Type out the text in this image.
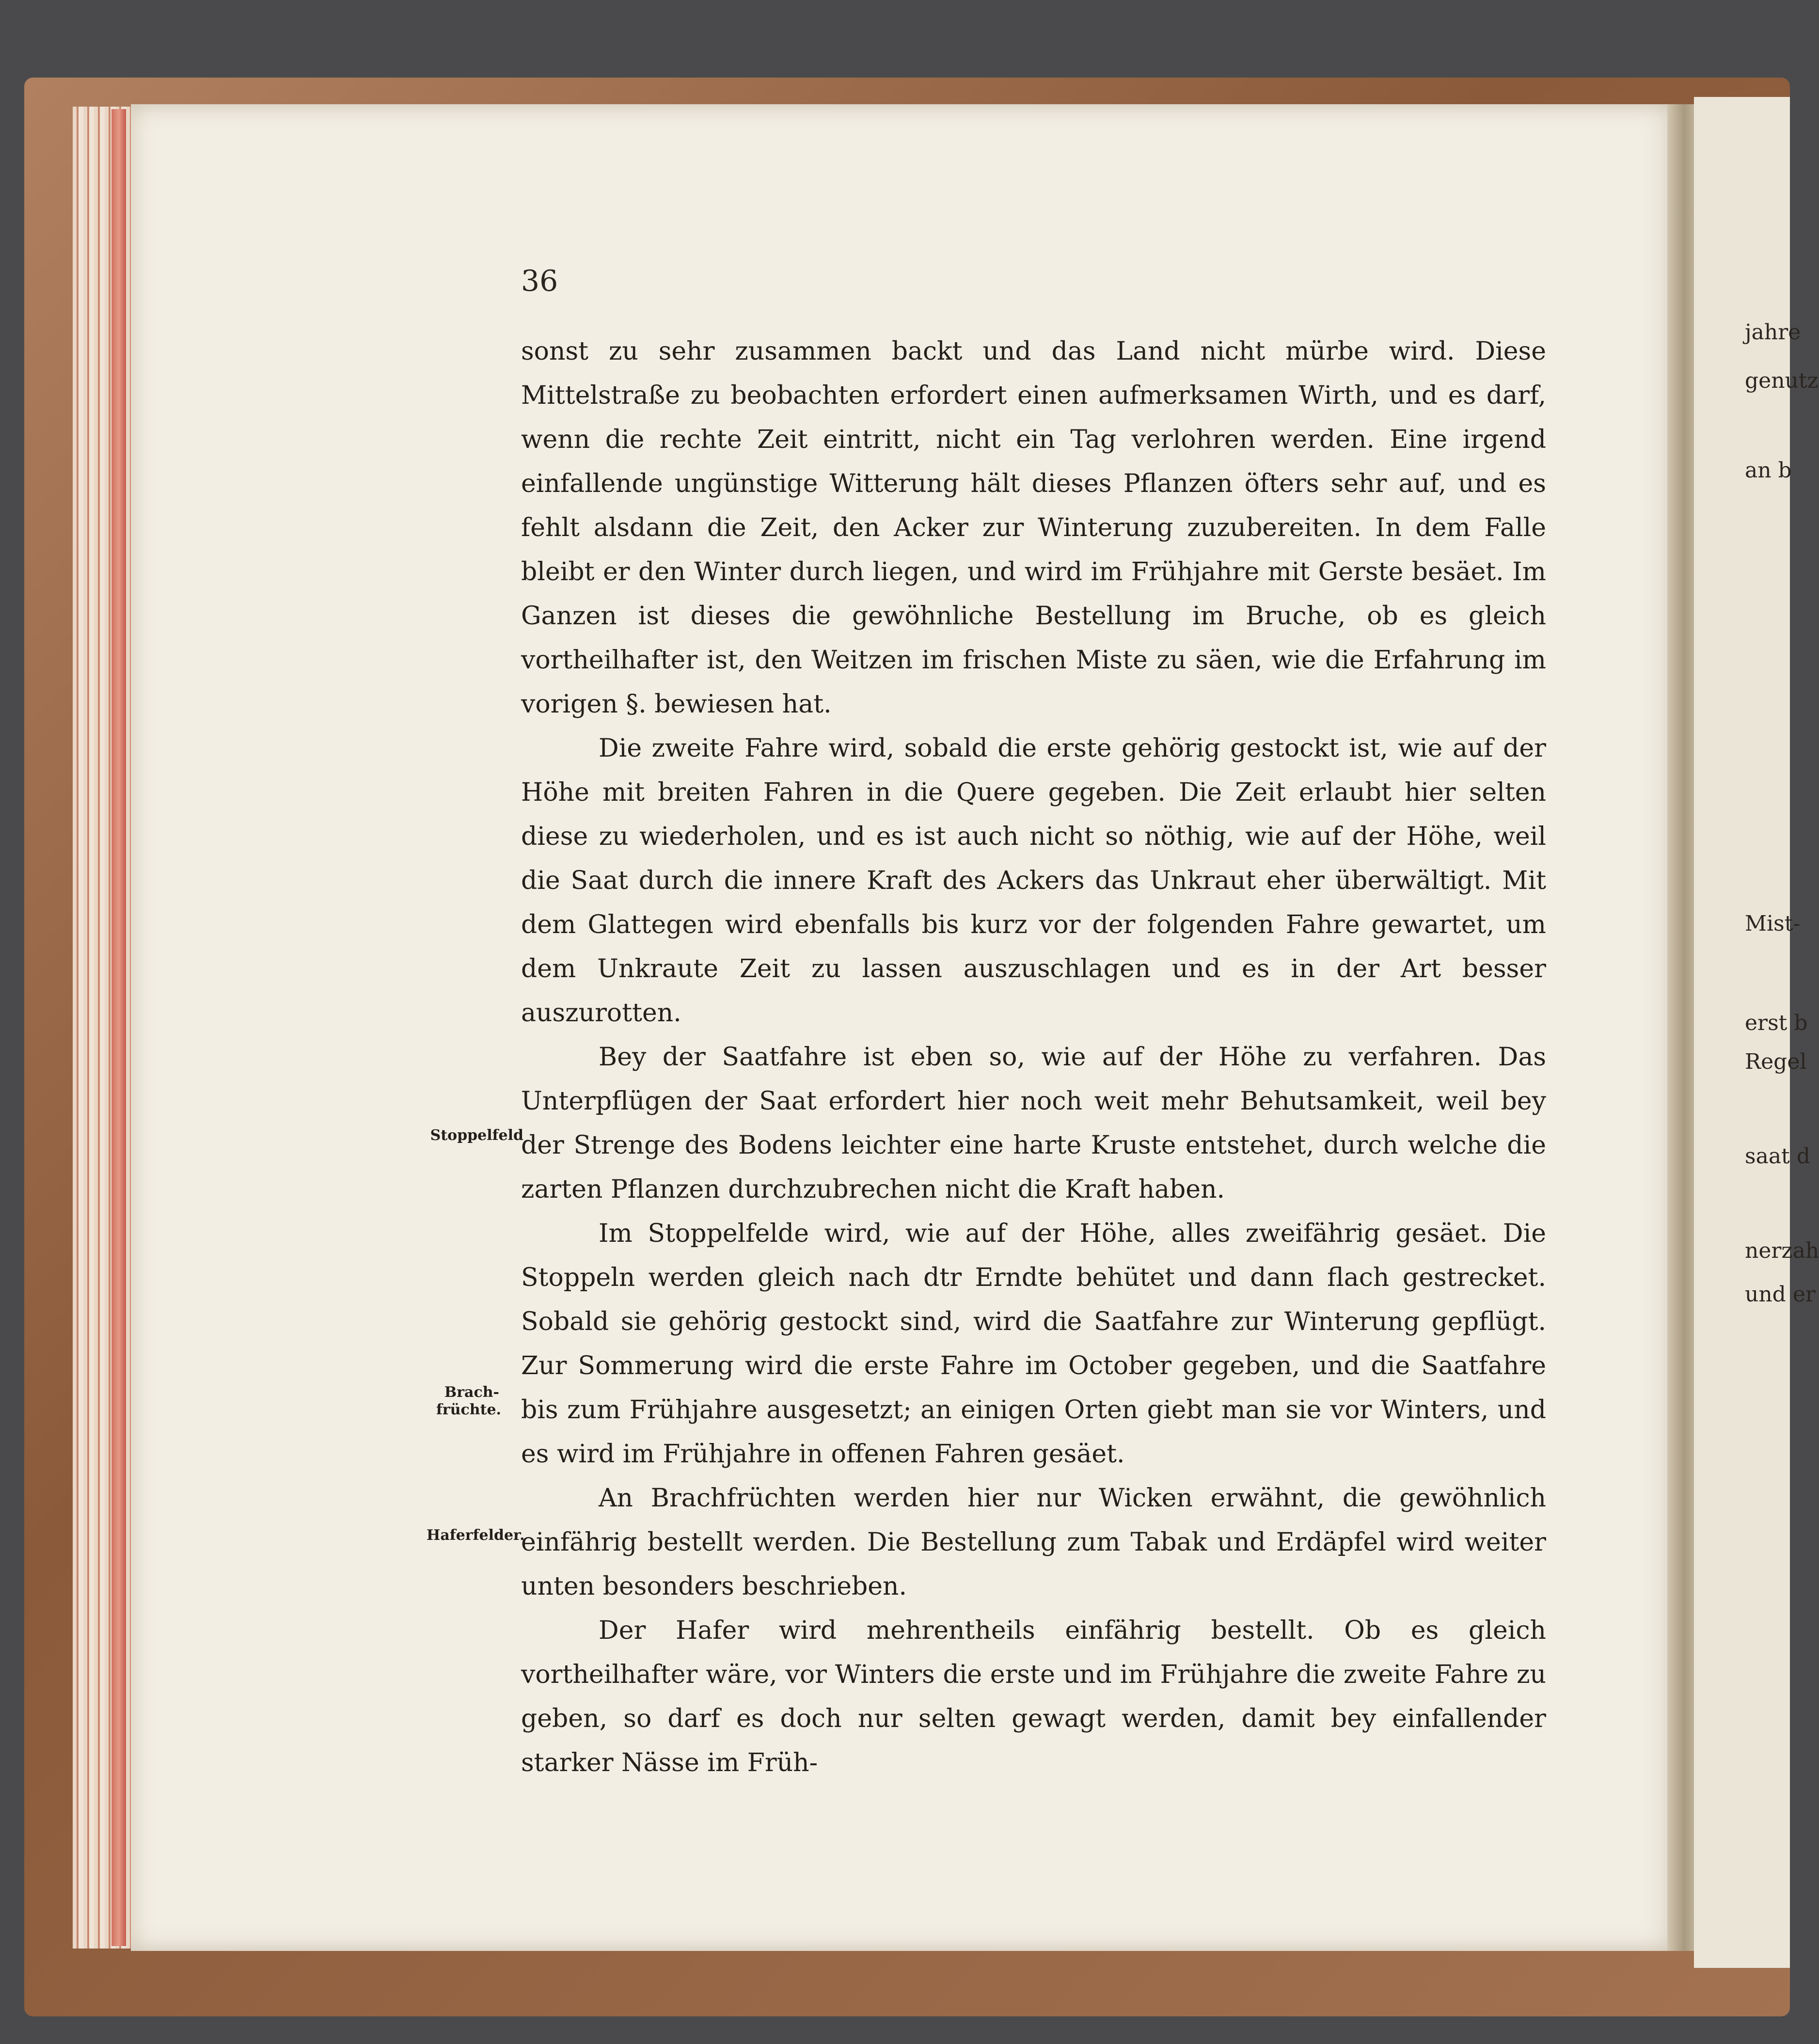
jahre
genutz
an b
Mist-
erst b
Regel
saat d
nerzah
und er
36

sonst zu sehr zusammen backt und das Land nicht mürbe wird. Diese Mittelstraße zu beobachten erfordert einen aufmerksamen Wirth, und es darf, wenn die rechte Zeit eintritt, nicht ein Tag verlohren werden. Eine irgend einfallende ungünstige Witterung hält dieses Pflanzen öfters sehr auf, und es fehlt alsdann die Zeit, den Acker zur Winterung zuzubereiten. In dem Falle bleibt er den Winter durch liegen, und wird im Frühjahre mit Gerste besäet. Im Ganzen ist dieses die gewöhnliche Bestellung im Bruche, ob es gleich vortheilhafter ist, den Weitzen im frischen Miste zu säen, wie die Erfahrung im vorigen §. bewiesen hat.

Die zweite Fahre wird, sobald die erste gehörig gestockt ist, wie auf der Höhe mit breiten Fahren in die Quere gegeben. Die Zeit erlaubt hier selten diese zu wiederholen, und es ist auch nicht so nöthig, wie auf der Höhe, weil die Saat durch die innere Kraft des Ackers das Unkraut eher überwältigt. Mit dem Glattegen wird ebenfalls bis kurz vor der folgenden Fahre gewartet, um dem Unkraute Zeit zu lassen auszuschlagen und es in der Art besser auszurotten.

Bey der Saatfahre ist eben so, wie auf der Höhe zu verfahren. Das Unterpflügen der Saat erfordert hier noch weit mehr Behutsamkeit, weil bey der Strenge des Bodens leichter eine harte Kruste entstehet, durch welche die zarten Pflanzen durchzubrechen nicht die Kraft haben.

Im Stoppelfelde wird, wie auf der Höhe, alles zweifährig gesäet. Die Stoppeln werden gleich nach dtr Erndte behütet und dann flach gestrecket. Sobald sie gehörig gestockt sind, wird die Saatfahre zur Winterung gepflügt. Zur Sommerung wird die erste Fahre im October gegeben, und die Saatfahre bis zum Frühjahre ausgesetzt; an einigen Orten giebt man sie vor Winters, und es wird im Frühjahre in offenen Fahren gesäet.

An Brachfrüchten werden hier nur Wicken erwähnt, die gewöhnlich einfährig bestellt werden. Die Bestellung zum Tabak und Erdäpfel wird weiter unten besonders beschrieben.

Der Hafer wird mehrentheils einfährig bestellt. Ob es gleich vortheilhafter wäre, vor Winters die erste und im Frühjahre die zweite Fahre zu geben, so darf es doch nur selten gewagt werden, damit bey einfallender starker Nässe im Früh-

Stoppelfeld
Brach-
früchte.
Haferfelder.
